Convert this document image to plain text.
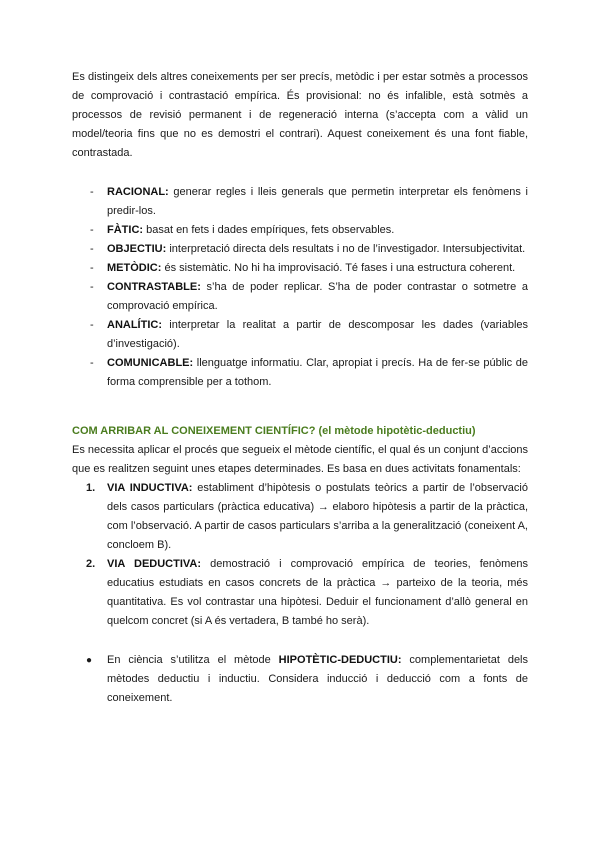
Es distingeix dels altres coneixements per ser precís, metòdic i per estar sotmès a processos de comprovació i contrastació empírica. És provisional: no és infalible, està sotmès a processos de revisió permanent i de regeneració interna (s’accepta com a vàlid un model/teoria fins que no es demostri el contrari). Aquest coneixement és una font fiable, contrastada.

- RACIONAL: generar regles i lleis generals que permetin interpretar els fenòmens i predir-los.
- FÀTIC: basat en fets i dades empíriques, fets observables.
- OBJECTIU: interpretació directa dels resultats i no de l’investigador. Intersubjectivitat.
- METÒDIC: és sistemàtic. No hi ha improvisació. Té fases i una estructura coherent.
- CONTRASTABLE: s’ha de poder replicar. S’ha de poder contrastar o sotmetre a comprovació empírica.
- ANALÍTIC: interpretar la realitat a partir de descomposar les dades (variables d’investigació).
- COMUNICABLE: llenguatge informatiu. Clar, apropiat i precís. Ha de fer-se públic de forma comprensible per a tothom.
COM ARRIBAR AL CONEIXEMENT CIENTÍFIC? (el mètode hipotètic-deductiu)

Es necessita aplicar el procés que segueix el mètode científic, el qual és un conjunt d’accions que es realitzen seguint unes etapes determinades. Es basa en dues activitats fonamentals:

1. VIA INDUCTIVA: establiment d’hipòtesis o postulats teòrics a partir de l’observació dels casos particulars (pràctica educativa) → elaboro hipòtesis a partir de la pràctica, com l’observació. A partir de casos particulars s’arriba a la generalització (coneixent A, concloem B).
2. VIA DEDUCTIVA: demostració i comprovació empírica de teories, fenòmens educatius estudiats en casos concrets de la pràctica → parteixo de la teoria, més quantitativa. Es vol contrastar una hipòtesi. Deduir el funcionament d’allò general en quelcom concret (si A és vertadera, B també ho serà).
● En ciència s’utilitza el mètode HIPOTÈTIC-DEDUCTIU: complementarietat dels mètodes deductiu i inductiu. Considera inducció i deducció com a fonts de coneixement.
